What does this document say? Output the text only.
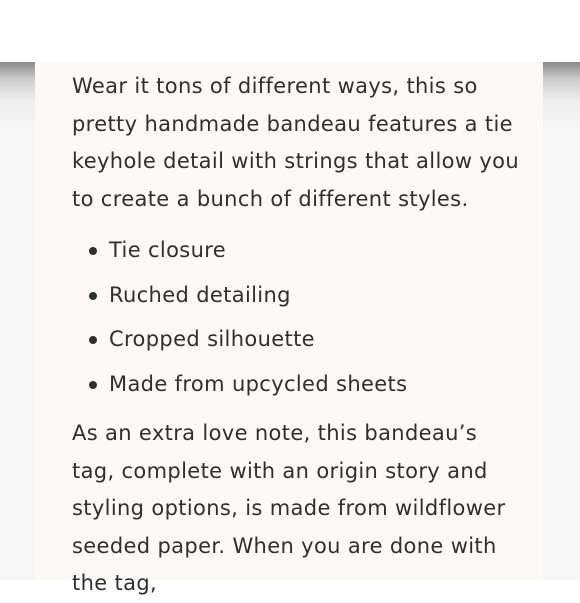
Wear it tons of different ways, this so pretty handmade bandeau features a tie keyhole detail with strings that allow you to create a bunch of different styles.

Tie closure
Ruched detailing
Cropped silhouette
Made from upcycled sheets

As an extra love note, this bandeau’s tag, complete with an origin story and styling options, is made from wildflower seeded paper. When you are done with the tag,
